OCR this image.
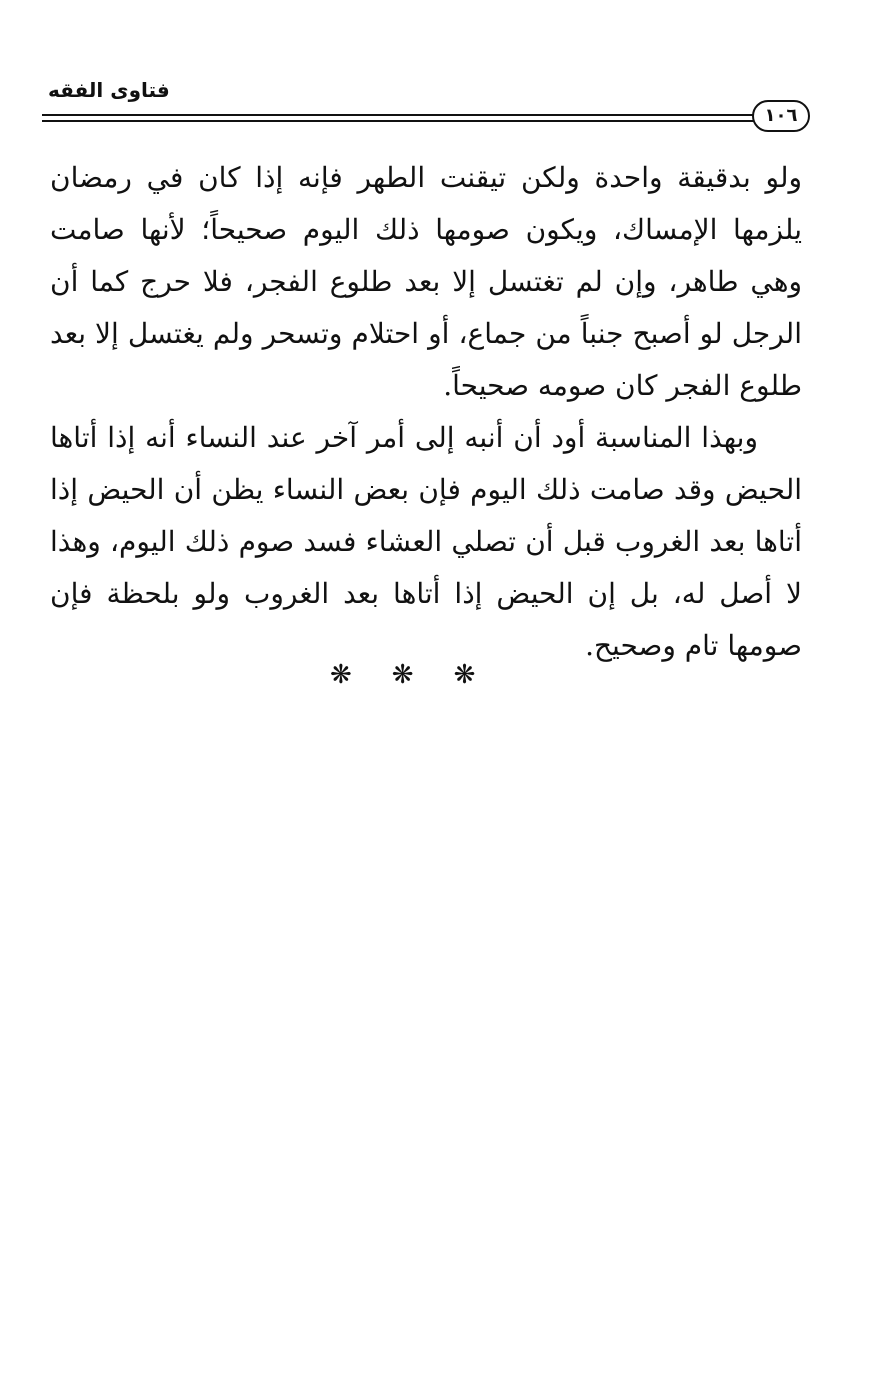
فتاوى الفقه
١٠٦

ولو بدقيقة واحدة ولكن تيقنت الطهر فإنه إذا كان في رمضان يلزمها الإمساك، ويكون صومها ذلك اليوم صحيحاً؛ لأنها صامت وهي طاهر، وإن لم تغتسل إلا بعد طلوع الفجر، فلا حرج كما أن الرجل لو أصبح جنباً من جماع، أو احتلام وتسحر ولم يغتسل إلا بعد طلوع الفجر كان صومه صحيحاً.

وبهذا المناسبة أود أن أنبه إلى أمر آخر عند النساء أنه إذا أتاها الحيض وقد صامت ذلك اليوم فإن بعض النساء يظن أن الحيض إذا أتاها بعد الغروب قبل أن تصلي العشاء فسد صوم ذلك اليوم، وهذا لا أصل له، بل إن الحيض إذا أتاها بعد الغروب ولو بلحظة فإن صومها تام وصحيح.

❋❋❋
